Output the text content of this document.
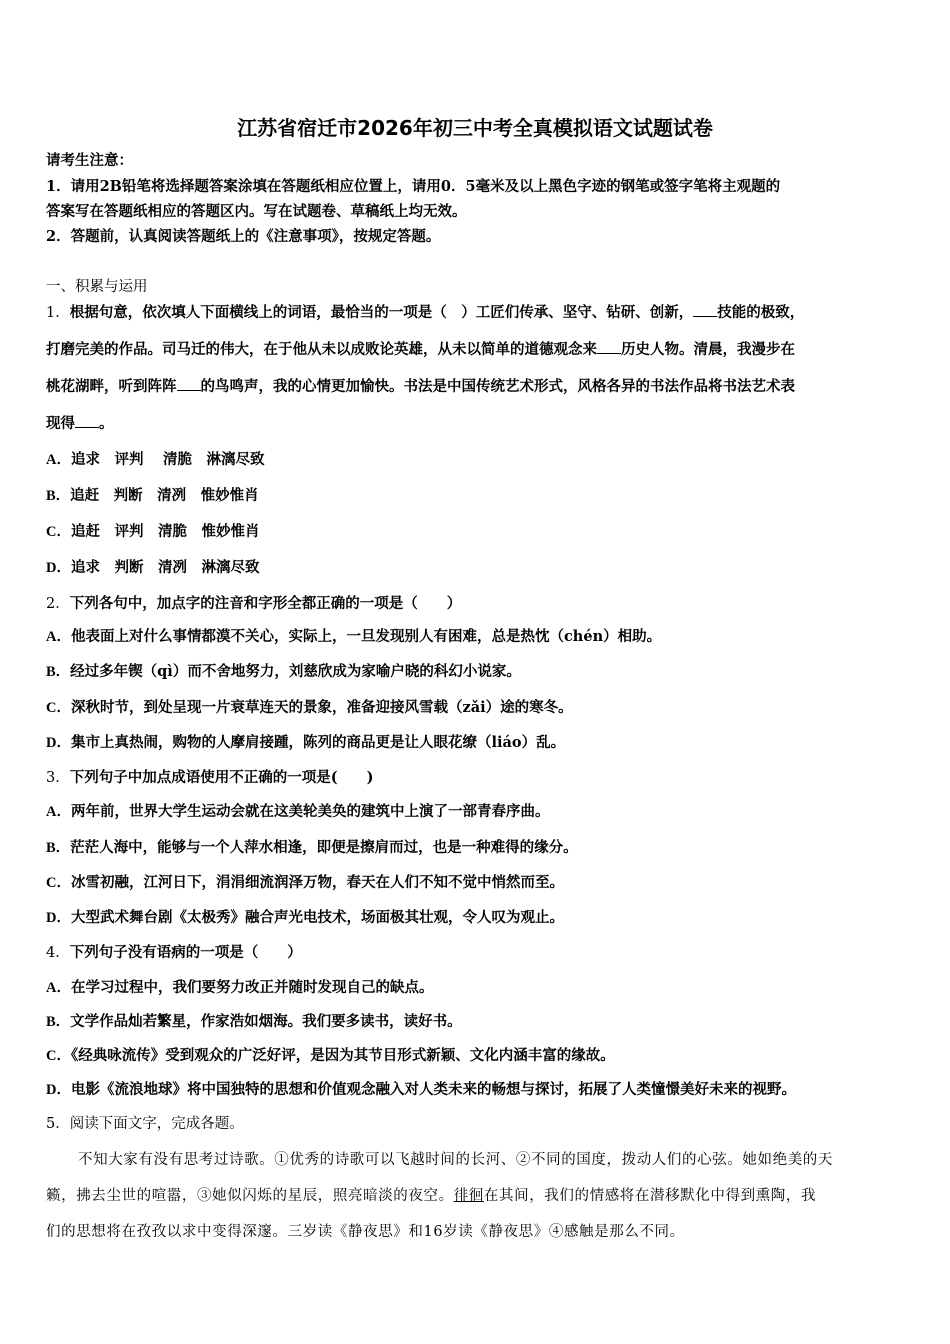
江苏省宿迁市2026年初三中考全真模拟语文试题试卷
请考生注意：
1．请用2B铅笔将选择题答案涂填在答题纸相应位置上，请用0．5毫米及以上黑色字迹的钢笔或签字笔将主观题的
答案写在答题纸相应的答题区内。写在试题卷、草稿纸上均无效。
2．答题前，认真阅读答题纸上的《注意事项》，按规定答题。
一、积累与运用
1．根据句意，依次填人下面横线上的词语，最恰当的一项是（　）工匠们传承、坚守、钻研、创新， 技能的极致，
打磨完美的作品。司马迁的伟大，在于他从未以成败论英雄，从未以简单的道德观念来 历史人物。清晨，我漫步在
桃花湖畔，听到阵阵 的鸟鸣声，我的心情更加愉快。书法是中国传统艺术形式，风格各异的书法作品将书法艺术表
现得 。
A．追求　评判　 清脆　淋漓尽致
B．追赶　判断　清冽　惟妙惟肖
C．追赶　评判　清脆　惟妙惟肖
D．追求　判断　清冽　淋漓尽致
2．下列各句中，加点字的注音和字形全都正确的一项是（　　）
A．他表面上对什么事情都漠不关心，实际上，一旦发现别人有困难，总是热忱（chén）相助。
B．经过多年锲（qì）而不舍地努力，刘慈欣成为家喻户晓的科幻小说家。
C．深秋时节，到处呈现一片衰草连天的景象，准备迎接风雪载（zǎi）途的寒冬。
D．集市上真热闹，购物的人摩肩接踵，陈列的商品更是让人眼花缭（liáo）乱。
3．下列句子中加点成语使用不正确的一项是(　　)
A．两年前，世界大学生运动会就在这美轮美奂的建筑中上演了一部青春序曲。
B．茫茫人海中，能够与一个人萍水相逢，即便是擦肩而过，也是一种难得的缘分。
C．冰雪初融，江河日下，涓涓细流润泽万物，春天在人们不知不觉中悄然而至。
D．大型武术舞台剧《太极秀》融合声光电技术，场面极其壮观，令人叹为观止。
4．下列句子没有语病的一项是（　　）
A．在学习过程中，我们要努力改正并随时发现自己的缺点。
B．文学作品灿若繁星，作家浩如烟海。我们要多读书，读好书。
C．《经典咏流传》受到观众的广泛好评，是因为其节目形式新颖、文化内涵丰富的缘故。
D．电影《流浪地球》将中国独特的思想和价值观念融入对人类未来的畅想与探讨，拓展了人类憧憬美好未来的视野。
5．阅读下面文字，完成各题。
不知大家有没有思考过诗歌。①优秀的诗歌可以飞越时间的长河、②不同的国度，拨动人们的心弦。她如绝美的天
籁，拂去尘世的喧嚣，③她似闪烁的星辰，照亮暗淡的夜空。徘徊在其间，我们的情感将在潜移默化中得到熏陶，我
们的思想将在孜孜以求中变得深邃。三岁读《静夜思》和16岁读《静夜思》④感触是那么不同。
